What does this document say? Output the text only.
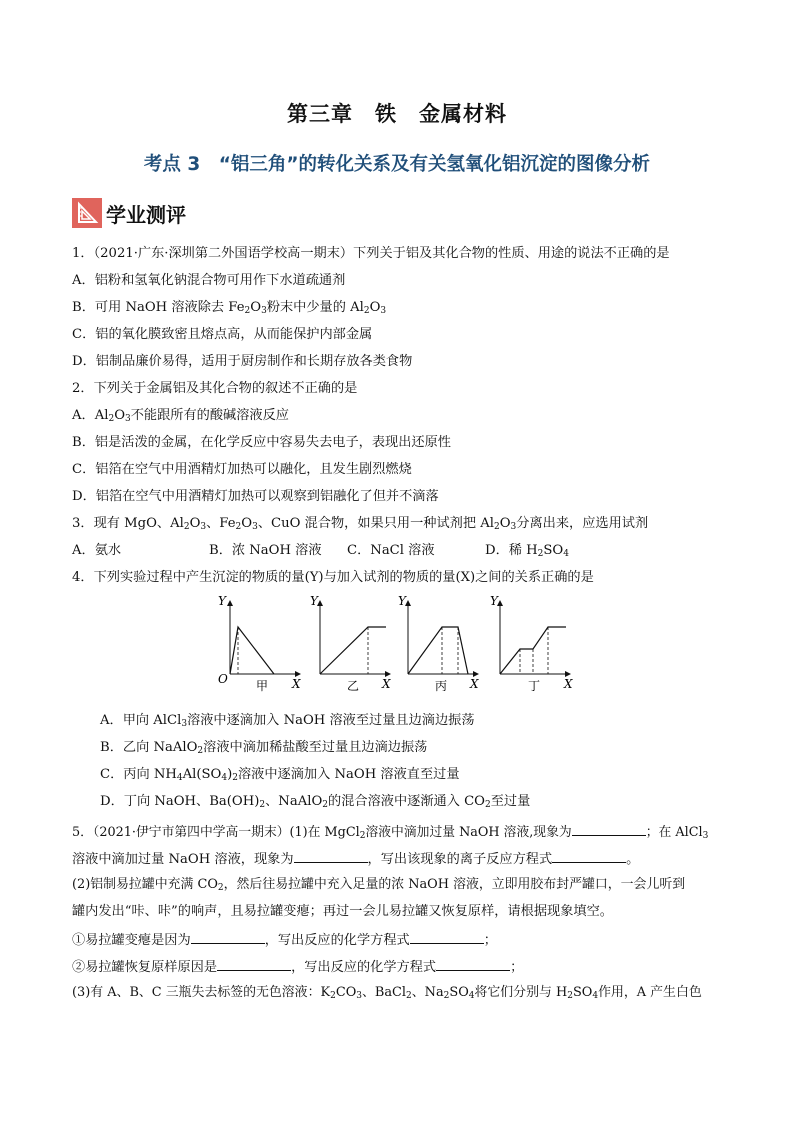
第三章　铁　金属材料
考点 3　“铝三角”的转化关系及有关氢氧化铝沉淀的图像分析
学业测评
1．（2021·广东·深圳第二外国语学校高一期末）下列关于铝及其化合物的性质、用途的说法不正确的是
A．铝粉和氢氧化钠混合物可用作下水道疏通剂
B．可用 NaOH 溶液除去 $Fe_2O_3$粉末中少量的 $Al_2O_3$
C．铝的氧化膜致密且熔点高，从而能保护内部金属
D．铝制品廉价易得，适用于厨房制作和长期存放各类食物
2．下列关于金属铝及其化合物的叙述不正确的是
A．$Al_2O_3$不能跟所有的酸碱溶液反应
B．铝是活泼的金属，在化学反应中容易失去电子，表现出还原性
C．铝箔在空气中用酒精灯加热可以融化，且发生剧烈燃烧
D．铝箔在空气中用酒精灯加热可以观察到铝融化了但并不滴落
3．现有 MgO、$Al_2O_3$、$Fe_2O_3$、CuO 混合物，如果只用一种试剂把 $Al_2O_3$分离出来，应选用试剂
A．氨水	B．浓 NaOH 溶液 C．NaCl 溶液	D．稀 $H_2SO_4$
4．下列实验过程中产生沉淀的物质的量(Y)与加入试剂的物质的量(X)之间的关系正确的是
Y
O	X
甲
Y
X
乙
Y
X
丙
Y
X
丁
A．甲向 AlCl$_3$溶液中逐滴加入 NaOH 溶液至过量且边滴边振荡
B．乙向 NaAlO$_2$溶液中滴加稀盐酸至过量且边滴边振荡
C．丙向 $NH_4Al(SO_4)_2$溶液中逐滴加入 NaOH 溶液直至过量
D．丁向 NaOH、$Ba(OH)_2$、NaAlO$_2$的混合溶液中逐渐通入 $CO_2$至过量
5．（2021·伊宁市第四中学高一期末）(1)在 MgCl$_2$溶液中滴加过量 NaOH 溶液,现象为	；在 AlCl$_3$
溶液中滴加过量 NaOH 溶液，现象为	，写出该现象的离子反应方程式	。
(2)铝制易拉罐中充满 $CO_2$，然后往易拉罐中充入足量的浓 NaOH 溶液，立即用胶布封严罐口，一会儿听到
罐内发出“咔、咔”的响声，且易拉罐变瘪；再过一会儿易拉罐又恢复原样，请根据现象填空。
①易拉罐变瘪是因为	，写出反应的化学方程式	；
②易拉罐恢复原样原因是	，写出反应的化学方程式	；
(3)有 A、B、C 三瓶失去标签的无色溶液：$K_2CO_3$、BaCl$_2$、$Na_2SO_4$将它们分别与 $H_2SO_4$作用，A 产生白色
